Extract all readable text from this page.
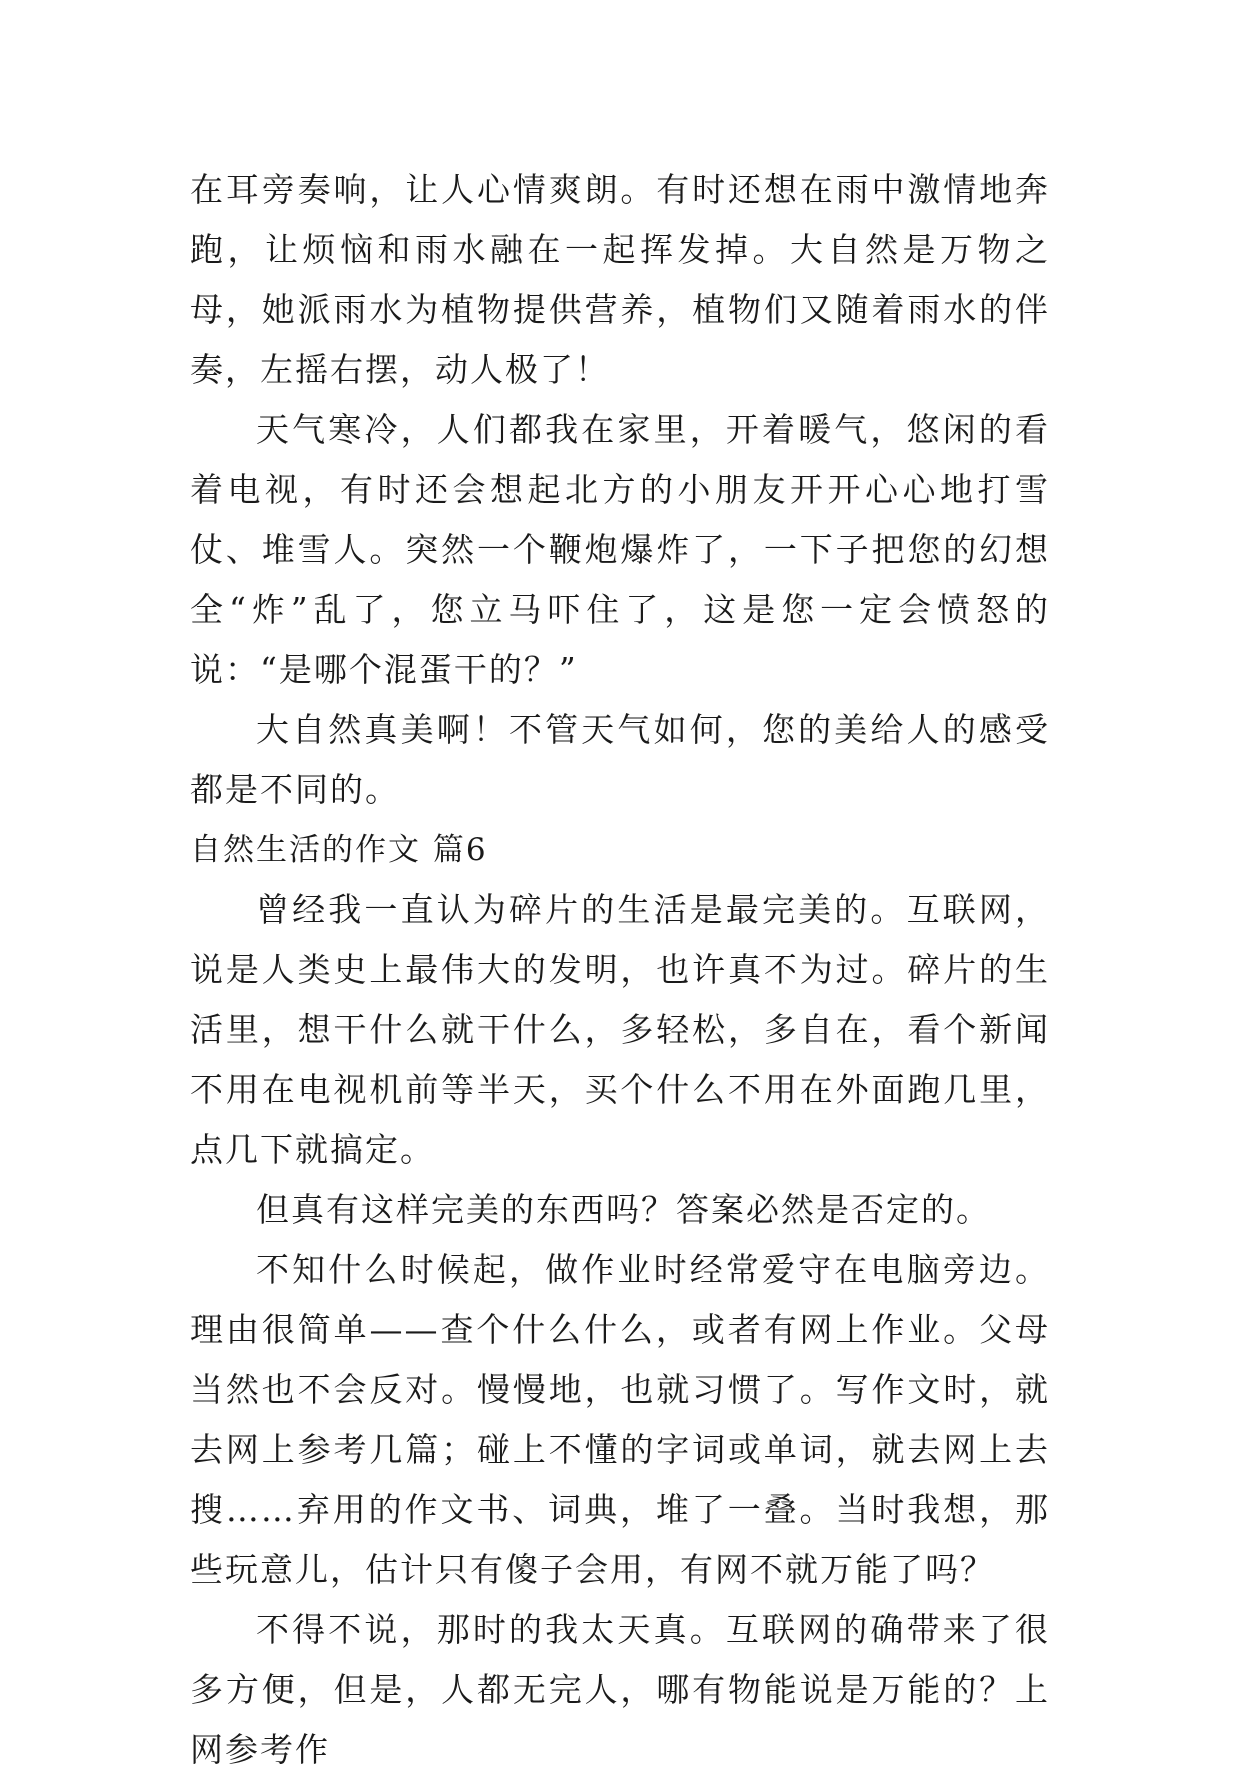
在耳旁奏响，让人心情爽朗。有时还想在雨中激情地奔跑，让烦恼和雨水融在一起挥发掉。大自然是万物之母，她派雨水为植物提供营养，植物们又随着雨水的伴奏，左摇右摆，动人极了！

天气寒冷，人们都我在家里，开着暖气，悠闲的看着电视，有时还会想起北方的小朋友开开心心地打雪仗、堆雪人。突然一个鞭炮爆炸了，一下子把您的幻想全“炸”乱了，您立马吓住了，这是您一定会愤怒的说：“是哪个混蛋干的？”

大自然真美啊！不管天气如何，您的美给人的感受都是不同的。

自然生活的作文 篇6

曾经我一直认为碎片的生活是最完美的。互联网，说是人类史上最伟大的发明，也许真不为过。碎片的生活里，想干什么就干什么，多轻松，多自在，看个新闻不用在电视机前等半天，买个什么不用在外面跑几里，点几下就搞定。

但真有这样完美的东西吗？答案必然是否定的。

不知什么时候起，做作业时经常爱守在电脑旁边。理由很简单——查个什么什么，或者有网上作业。父母当然也不会反对。慢慢地，也就习惯了。写作文时，就去网上参考几篇；碰上不懂的字词或单词，就去网上去搜……弃用的作文书、词典，堆了一叠。当时我想，那些玩意儿，估计只有傻子会用，有网不就万能了吗？

不得不说，那时的我太天真。互联网的确带来了很多方便，但是，人都无完人，哪有物能说是万能的？上网参考作
